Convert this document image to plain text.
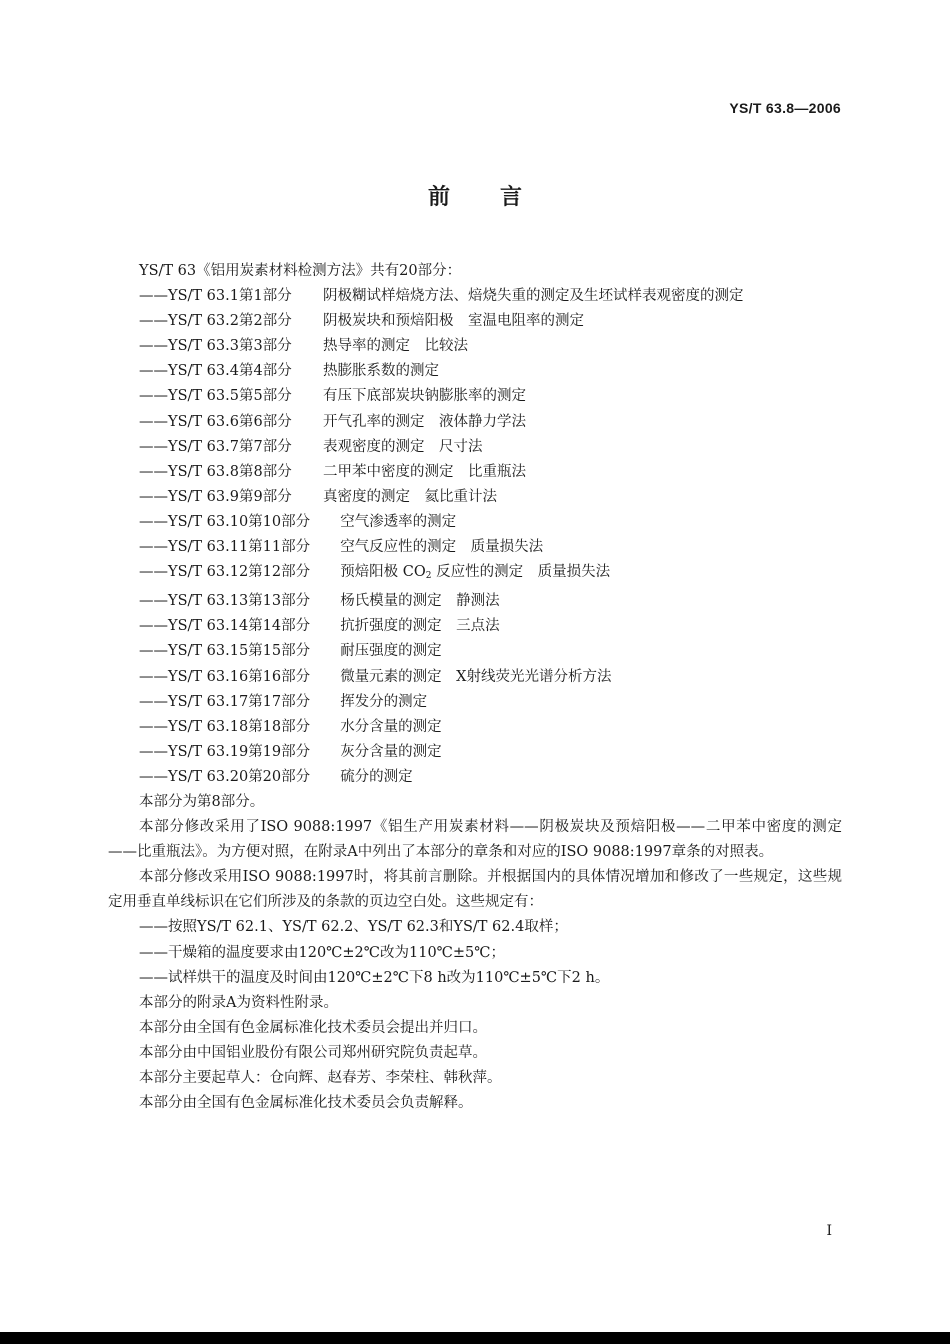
YS/T 63.8—2006
前言
YS/T 63《铝用炭素材料检测方法》共有20部分：
——YS/T 63.1第1部分 阴极糊试样焙烧方法、焙烧失重的测定及生坯试样表观密度的测定
——YS/T 63.2第2部分 阴极炭块和预焙阳极　室温电阻率的测定
——YS/T 63.3第3部分 热导率的测定　比较法
——YS/T 63.4第4部分 热膨胀系数的测定
——YS/T 63.5第5部分 有压下底部炭块钠膨胀率的测定
——YS/T 63.6第6部分 开气孔率的测定　液体静力学法
——YS/T 63.7第7部分 表观密度的测定　尺寸法
——YS/T 63.8第8部分 二甲苯中密度的测定　比重瓶法
——YS/T 63.9第9部分 真密度的测定　氦比重计法
——YS/T 63.10第10部分 空气渗透率的测定
——YS/T 63.11第11部分 空气反应性的测定　质量损失法
——YS/T 63.12第12部分 预焙阳极 $CO_2$ 反应性的测定　质量损失法
——YS/T 63.13第13部分 杨氏模量的测定　静测法
——YS/T 63.14第14部分 抗折强度的测定　三点法
——YS/T 63.15第15部分 耐压强度的测定
——YS/T 63.16第16部分 微量元素的测定　X射线荧光光谱分析方法
——YS/T 63.17第17部分 挥发分的测定
——YS/T 63.18第18部分 水分含量的测定
——YS/T 63.19第19部分 灰分含量的测定
——YS/T 63.20第20部分 硫分的测定
本部分为第8部分。
本部分修改采用了ISO 9088:1997《铝生产用炭素材料——阴极炭块及预焙阳极——二甲苯中密度的测定——比重瓶法》。为方便对照，在附录A中列出了本部分的章条和对应的ISO 9088:1997章条的对照表。
本部分修改采用ISO 9088:1997时，将其前言删除。并根据国内的具体情况增加和修改了一些规定，这些规定用垂直单线标识在它们所涉及的条款的页边空白处。这些规定有：
——按照YS/T 62.1、YS/T 62.2、YS/T 62.3和YS/T 62.4取样；
——干燥箱的温度要求由120℃±2℃改为110℃±5℃；
——试样烘干的温度及时间由120℃±2℃下8 h改为110℃±5℃下2 h。
本部分的附录A为资料性附录。
本部分由全国有色金属标准化技术委员会提出并归口。
本部分由中国铝业股份有限公司郑州研究院负责起草。
本部分主要起草人：仓向辉、赵春芳、李荣柱、韩秋萍。
本部分由全国有色金属标准化技术委员会负责解释。
I
